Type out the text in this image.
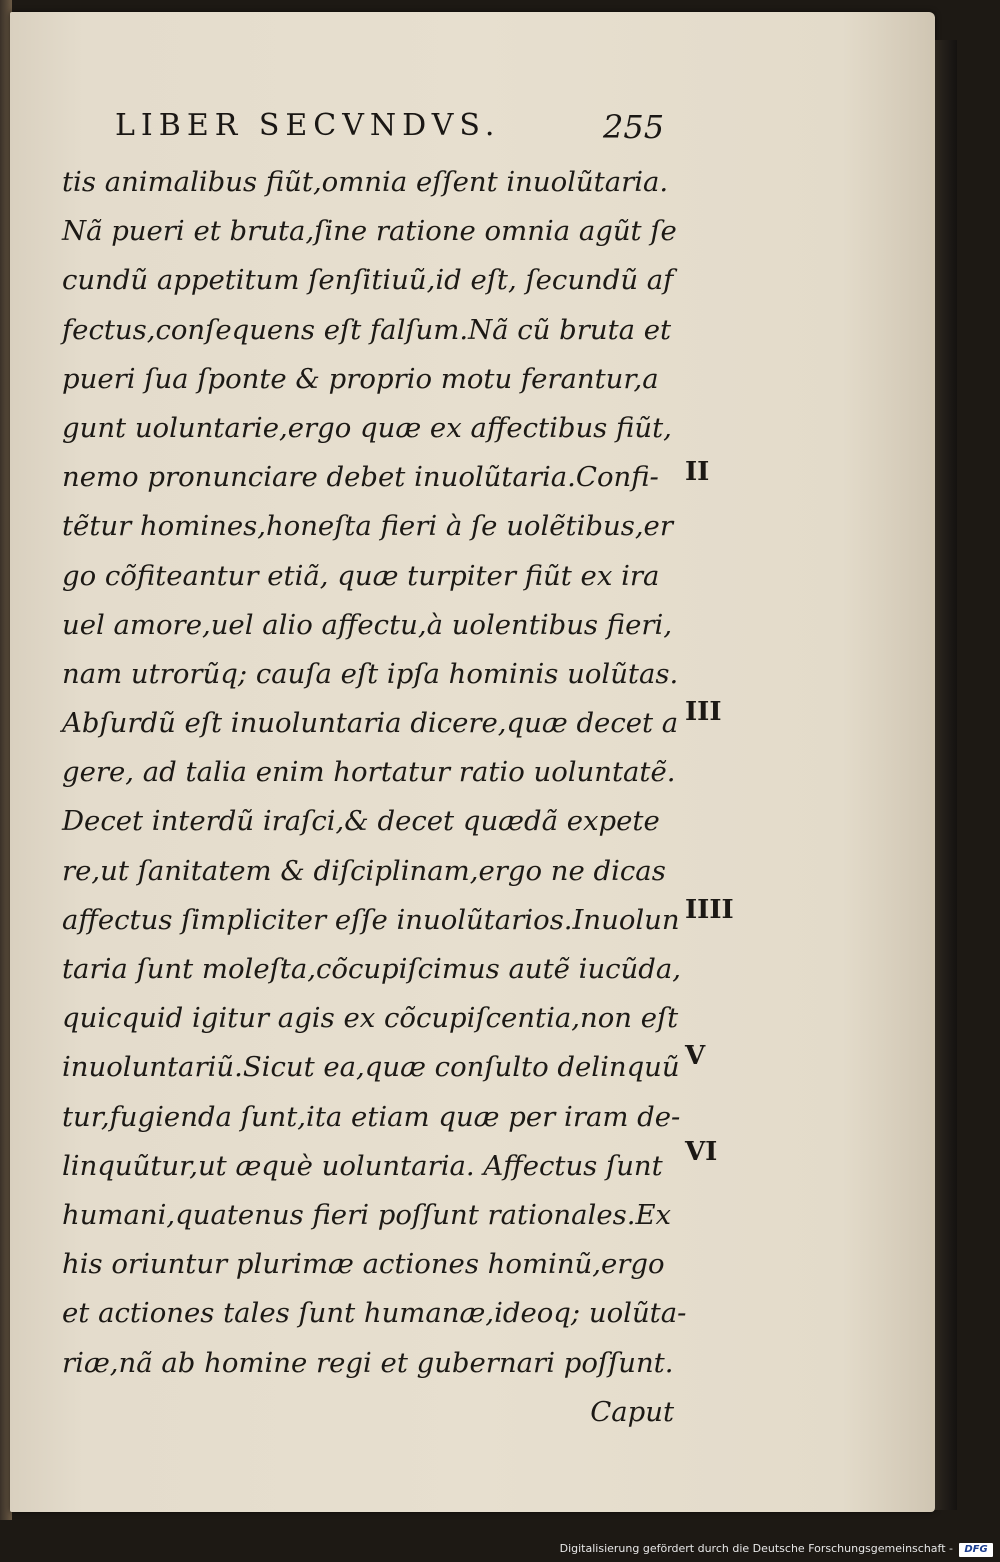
LIBER SECVNDVS.	255
tis animalibus fiũt,omnia eſſent inuolũtaria.
Nã pueri et bruta,ſine ratione omnia agũt ſe
cundũ appetitum ſenſitiuũ,id eſt, ſecundũ af
fectus,conſequens eſt falſum.Nã cũ bruta et
pueri ſua ſponte & proprio motu ferantur,a
gunt uoluntarie,ergo quæ ex affectibus fiũt,
nemo pronunciare debet inuolũtaria.Confi-
tẽtur homines,honeſta fieri à ſe uolẽtibus,er
go cõfiteantur etiã, quæ turpiter fiũt ex ira
uel amore,uel alio affectu,à uolentibus fieri,
nam utrorũq; cauſa eſt ipſa hominis uolũtas.
Abſurdũ eſt inuoluntaria dicere,quæ decet a
gere, ad talia enim hortatur ratio uoluntatẽ.
Decet interdũ iraſci,& decet quædã expete
re,ut ſanitatem & diſciplinam,ergo ne dicas
affectus ſimpliciter eſſe inuolũtarios.Inuolun
taria ſunt moleſta,cõcupiſcimus autẽ iucũda,
quicquid igitur agis ex cõcupiſcentia,non eſt
inuoluntariũ.Sicut ea,quæ conſulto delinquũ
tur,fugienda ſunt,ita etiam quæ per iram de-
linquũtur,ut æquè uoluntaria. Affectus ſunt
humani,quatenus fieri poſſunt rationales.Ex
his oriuntur plurimæ actiones hominũ,ergo
et actiones tales ſunt humanæ,ideoq; uolũta-
riæ,nã ab homine regi et gubernari poſſunt.
Caput
II
III
IIII
V
VI
Digitalisierung gefördert durch die Deutsche Forschungsgemeinschaft -	DFG
